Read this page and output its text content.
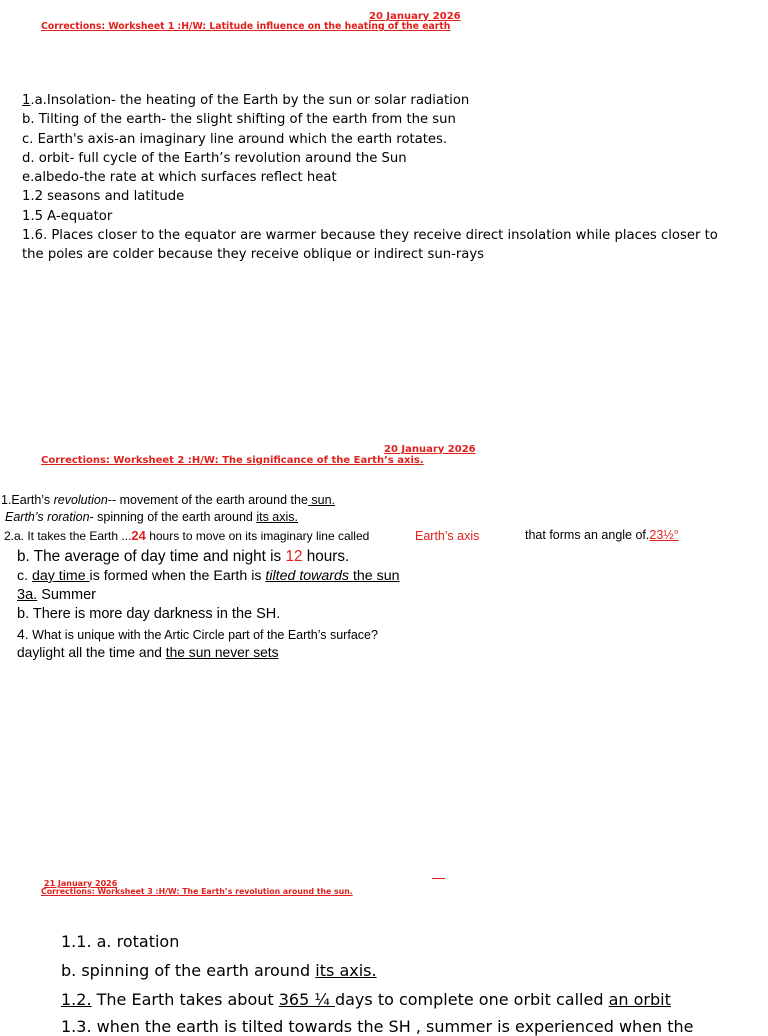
20 January 2026
Corrections: Worksheet 1 :H/W: Latitude influence on the heating of the earth
1.a.Insolation- the heating of the Earth by the sun or solar radiation
b. Tilting of the earth- the slight shifting of the earth from the sun
c. Earth's axis-an imaginary line around which the earth rotates.
d. orbit- full cycle of the Earth’s revolution around the Sun
e.albedo-the rate at which surfaces reflect heat
1.2 seasons and latitude
1.5 A-equator
1.6. Places closer to the equator are warmer because they receive direct insolation while places closer to
the poles are colder because they receive oblique or indirect sun-rays
20 January 2026
Corrections: Worksheet 2 :H/W: The significance of the Earth’s axis.
1.Earth’s revolution-- movement of the earth around the sun.
Earth’s roration- spinning of the earth around its axis.
2.a. It takes the Earth ...24 hours to move on its imaginary line called	Earth’s axis	that forms an angle of.23½°
b. The average of day time and night is 12 hours.
c. day time is formed when the Earth is tilted towards the sun
3a. Summer
b. There is more day darkness in the SH.
4. What is unique with the Artic Circle part of the Earth’s surface?
daylight all the time and the sun never sets
21 January 2026
Corrections: Worksheet 3 :H/W: The Earth’s revolution around the sun.
1.1. a. rotation
b. spinning of the earth around its axis.
1.2. The Earth takes about 365 ¼ days to complete one orbit called an orbit
1.3. when the earth is tilted towards the SH , summer is experienced when the
